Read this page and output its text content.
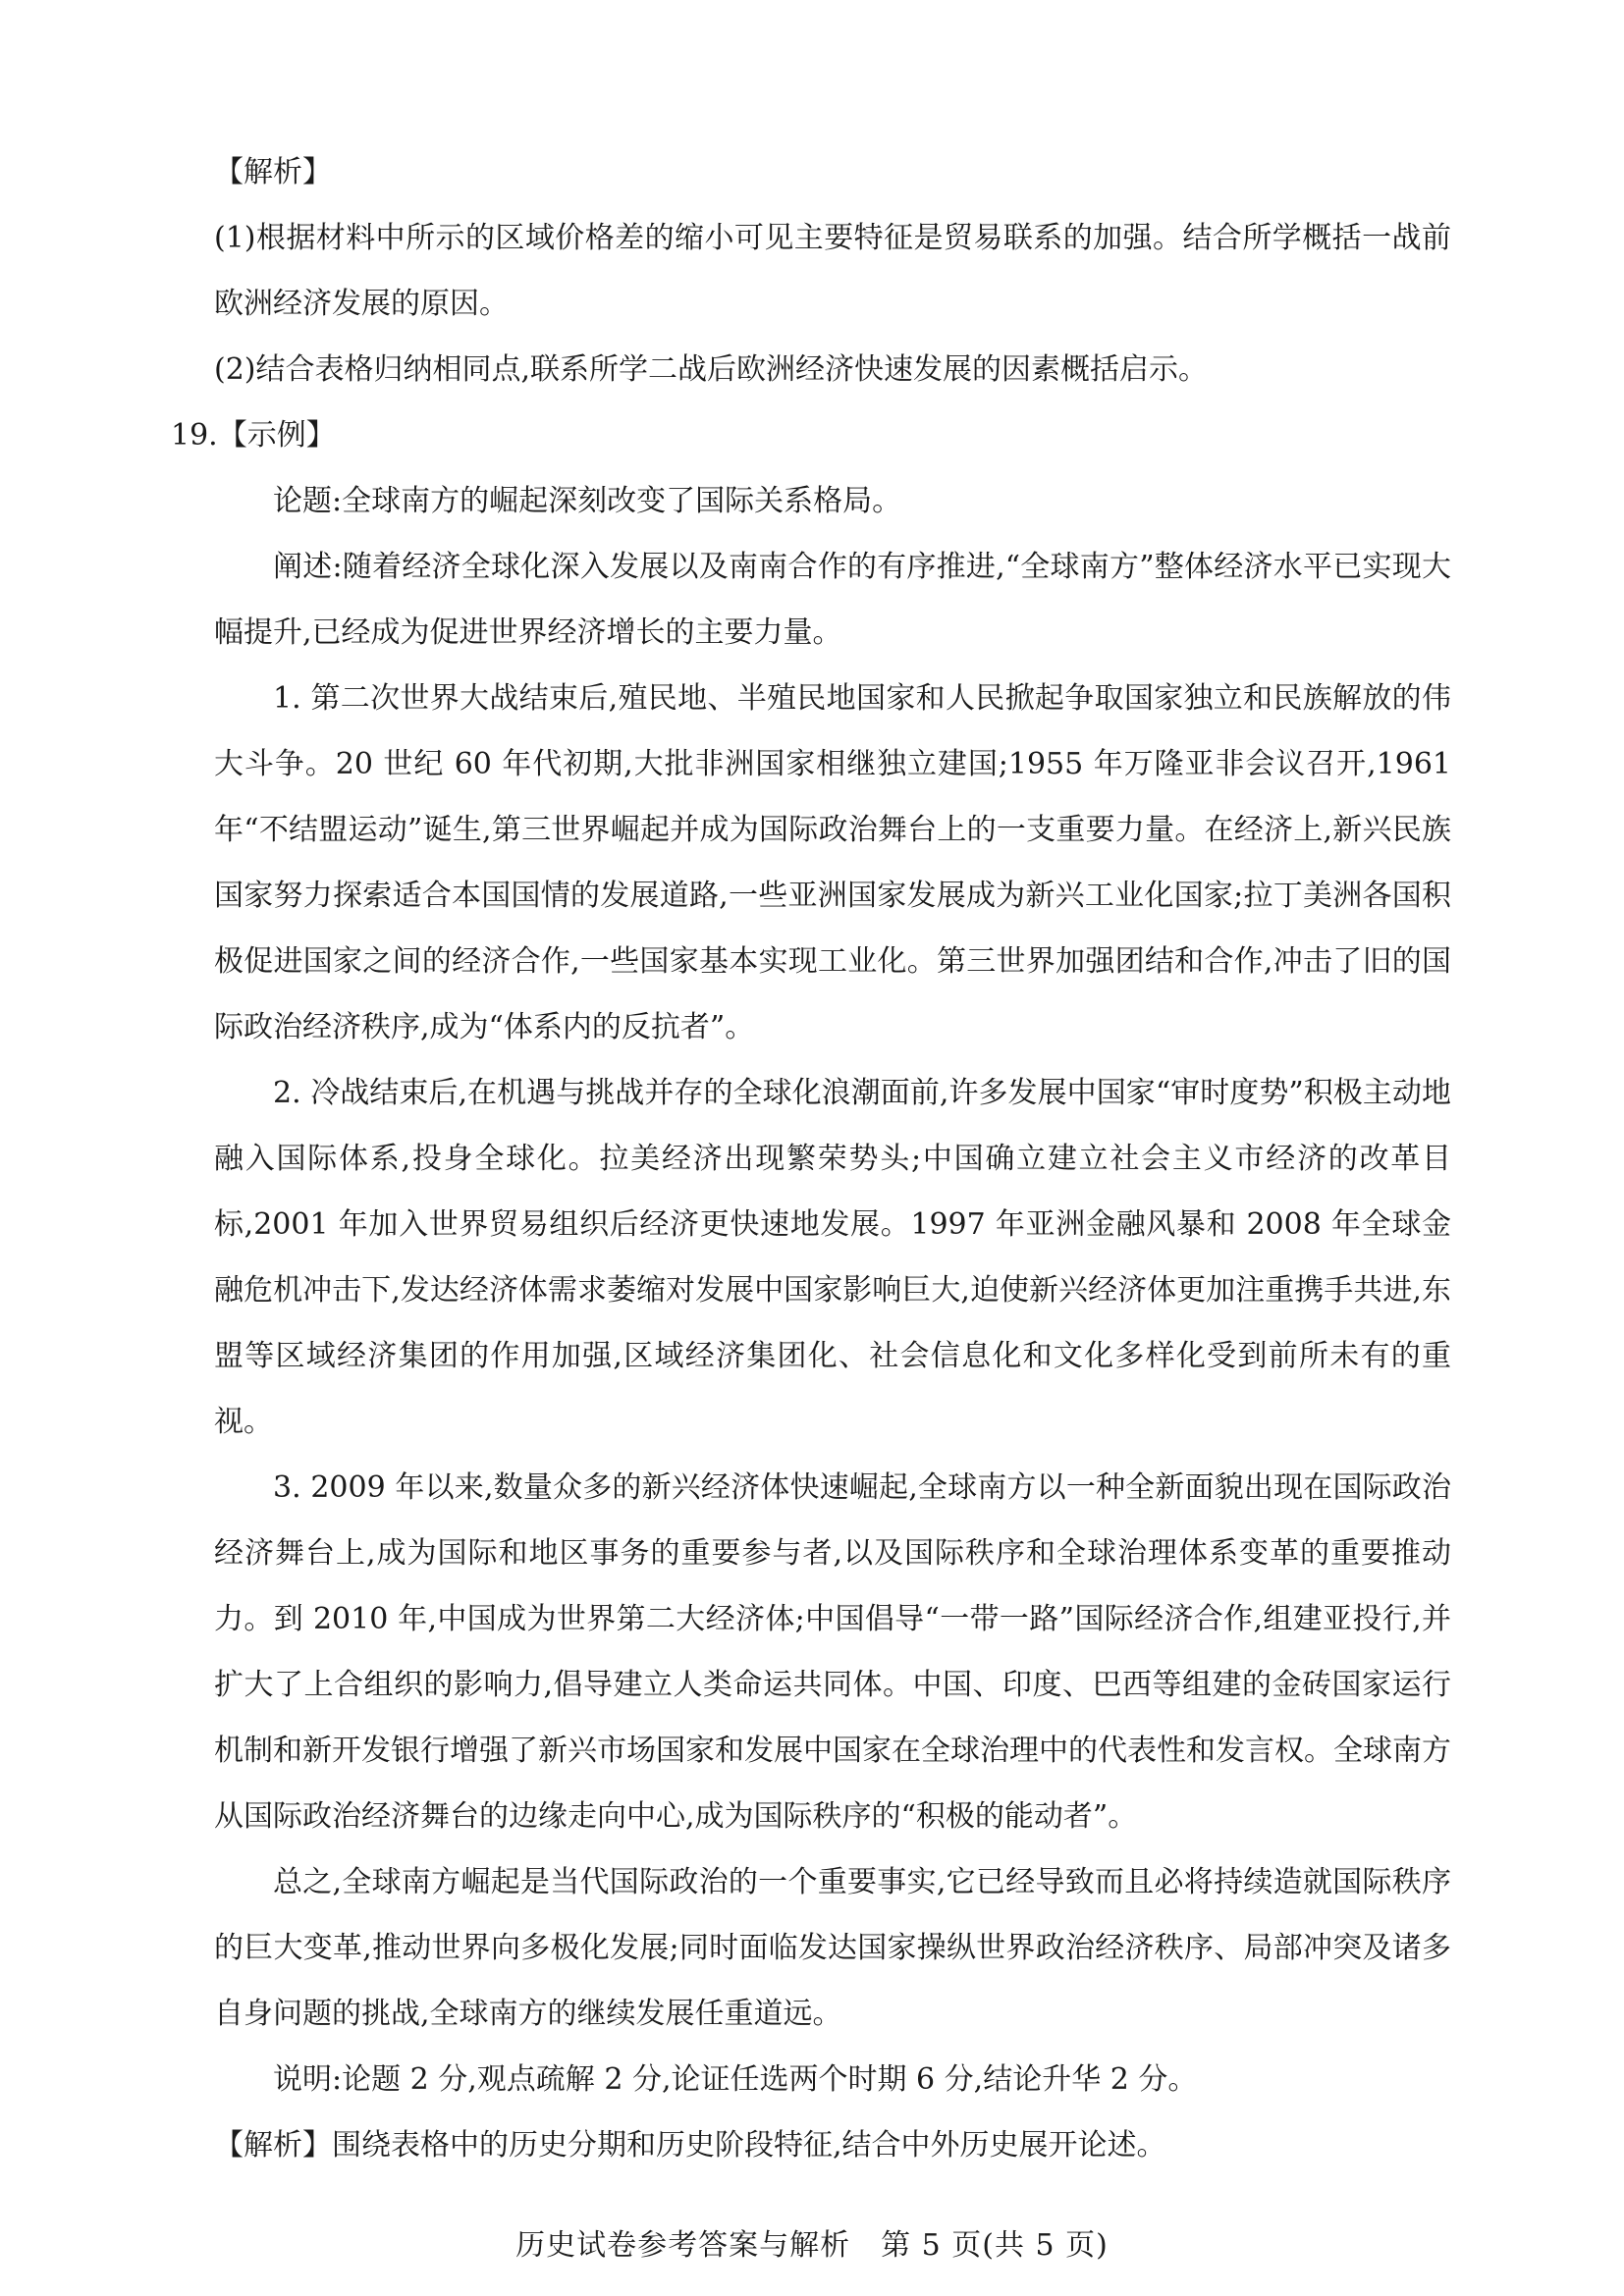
【解析】

(1)根据材料中所示的区域价格差的缩小可见主要特征是贸易联系的加强。结合所学概括一战前欧洲经济发展的原因。

(2)结合表格归纳相同点,联系所学二战后欧洲经济快速发展的因素概括启示。

19.【示例】

论题:全球南方的崛起深刻改变了国际关系格局。

阐述:随着经济全球化深入发展以及南南合作的有序推进,“全球南方”整体经济水平已实现大幅提升,已经成为促进世界经济增长的主要力量。

1. 第二次世界大战结束后,殖民地、半殖民地国家和人民掀起争取国家独立和民族解放的伟大斗争。20 世纪 60 年代初期,大批非洲国家相继独立建国;1955 年万隆亚非会议召开,1961 年“不结盟运动”诞生,第三世界崛起并成为国际政治舞台上的一支重要力量。在经济上,新兴民族国家努力探索适合本国国情的发展道路,一些亚洲国家发展成为新兴工业化国家;拉丁美洲各国积极促进国家之间的经济合作,一些国家基本实现工业化。第三世界加强团结和合作,冲击了旧的国际政治经济秩序,成为“体系内的反抗者”。

2. 冷战结束后,在机遇与挑战并存的全球化浪潮面前,许多发展中国家“审时度势”积极主动地融入国际体系,投身全球化。拉美经济出现繁荣势头;中国确立建立社会主义市经济的改革目标,2001 年加入世界贸易组织后经济更快速地发展。1997 年亚洲金融风暴和 2008 年全球金融危机冲击下,发达经济体需求萎缩对发展中国家影响巨大,迫使新兴经济体更加注重携手共进,东盟等区域经济集团的作用加强,区域经济集团化、社会信息化和文化多样化受到前所未有的重视。

3. 2009 年以来,数量众多的新兴经济体快速崛起,全球南方以一种全新面貌出现在国际政治经济舞台上,成为国际和地区事务的重要参与者,以及国际秩序和全球治理体系变革的重要推动力。到 2010 年,中国成为世界第二大经济体;中国倡导“一带一路”国际经济合作,组建亚投行,并扩大了上合组织的影响力,倡导建立人类命运共同体。中国、印度、巴西等组建的金砖国家运行机制和新开发银行增强了新兴市场国家和发展中国家在全球治理中的代表性和发言权。全球南方从国际政治经济舞台的边缘走向中心,成为国际秩序的“积极的能动者”。

总之,全球南方崛起是当代国际政治的一个重要事实,它已经导致而且必将持续造就国际秩序的巨大变革,推动世界向多极化发展;同时面临发达国家操纵世界政治经济秩序、局部冲突及诸多自身问题的挑战,全球南方的继续发展任重道远。

说明:论题 2 分,观点疏解 2 分,论证任选两个时期 6 分,结论升华 2 分。

【解析】围绕表格中的历史分期和历史阶段特征,结合中外历史展开论述。

历史试卷参考答案与解析　第 5 页(共 5 页)
